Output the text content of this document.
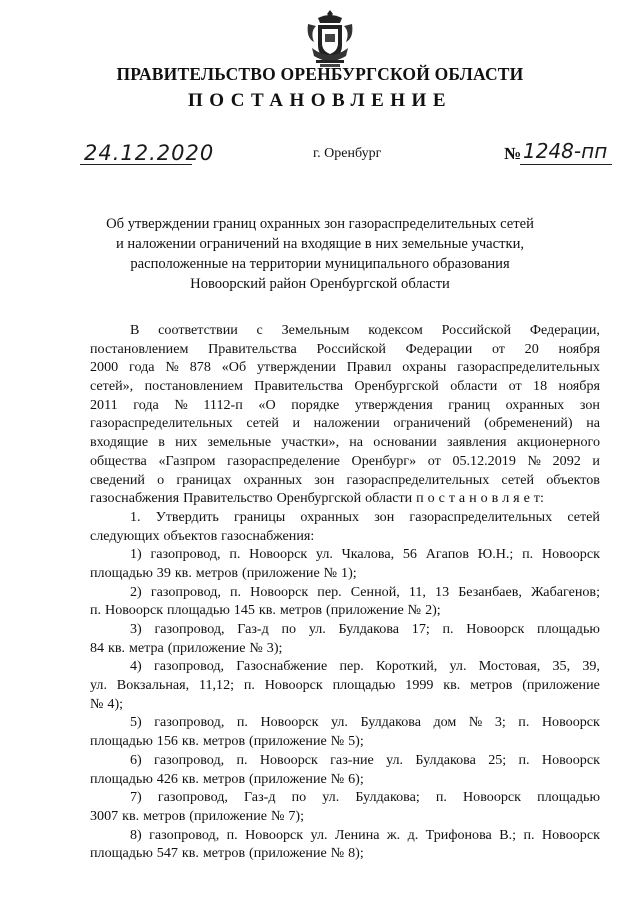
ПРАВИТЕЛЬСТВО ОРЕНБУРГСКОЙ ОБЛАСТИ
ПОСТАНОВЛЕНИЕ
24.12.2020	г. Оренбург	№ 1248-пп
Об утверждении границ охранных зон газораспределительных сетей
и наложении ограничений на входящие в них земельные участки,
расположенные на территории муниципального образования
Новоорский район Оренбургской области
В соответствии с Земельным кодексом Российской Федерации,
постановлением Правительства Российской Федерации от 20 ноября
2000 года № 878 «Об утверждении Правил охраны газораспределительных
сетей», постановлением Правительства Оренбургской области от 18 ноября
2011 года № 1112-п «О порядке утверждения границ охранных зон
газораспределительных сетей и наложении ограничений (обременений) на
входящие в них земельные участки», на основании заявления акционерного
общества «Газпром газораспределение Оренбург» от 05.12.2019 № 2092 и
сведений о границах охранных зон газораспределительных сетей объектов
газоснабжения Правительство Оренбургской области п о с т а н о в л я е т:
1. Утвердить границы охранных зон газораспределительных сетей
следующих объектов газоснабжения:
1) газопровод, п. Новоорск ул. Чкалова, 56 Агапов Ю.Н.; п. Новоорск
площадью 39 кв. метров (приложение № 1);
2) газопровод, п. Новоорск пер. Сенной, 11, 13 Безанбаев, Жабагенов;
п. Новоорск площадью 145 кв. метров (приложение № 2);
3) газопровод, Газ-д по ул. Булдакова 17; п. Новоорск площадью
84 кв. метра (приложение № 3);
4) газопровод, Газоснабжение пер. Короткий, ул. Мостовая, 35, 39,
ул. Вокзальная, 11,12; п. Новоорск площадью 1999 кв. метров (приложение
№ 4);
5) газопровод, п. Новоорск ул. Булдакова дом № 3; п. Новоорск
площадью 156 кв. метров (приложение № 5);
6) газопровод, п. Новоорск газ-ние ул. Булдакова 25; п. Новоорск
площадью 426 кв. метров (приложение № 6);
7) газопровод, Газ-д по ул. Булдакова; п. Новоорск площадью
3007 кв. метров (приложение № 7);
8) газопровод, п. Новоорск ул. Ленина ж. д. Трифонова В.; п. Новоорск
площадью 547 кв. метров (приложение № 8);
